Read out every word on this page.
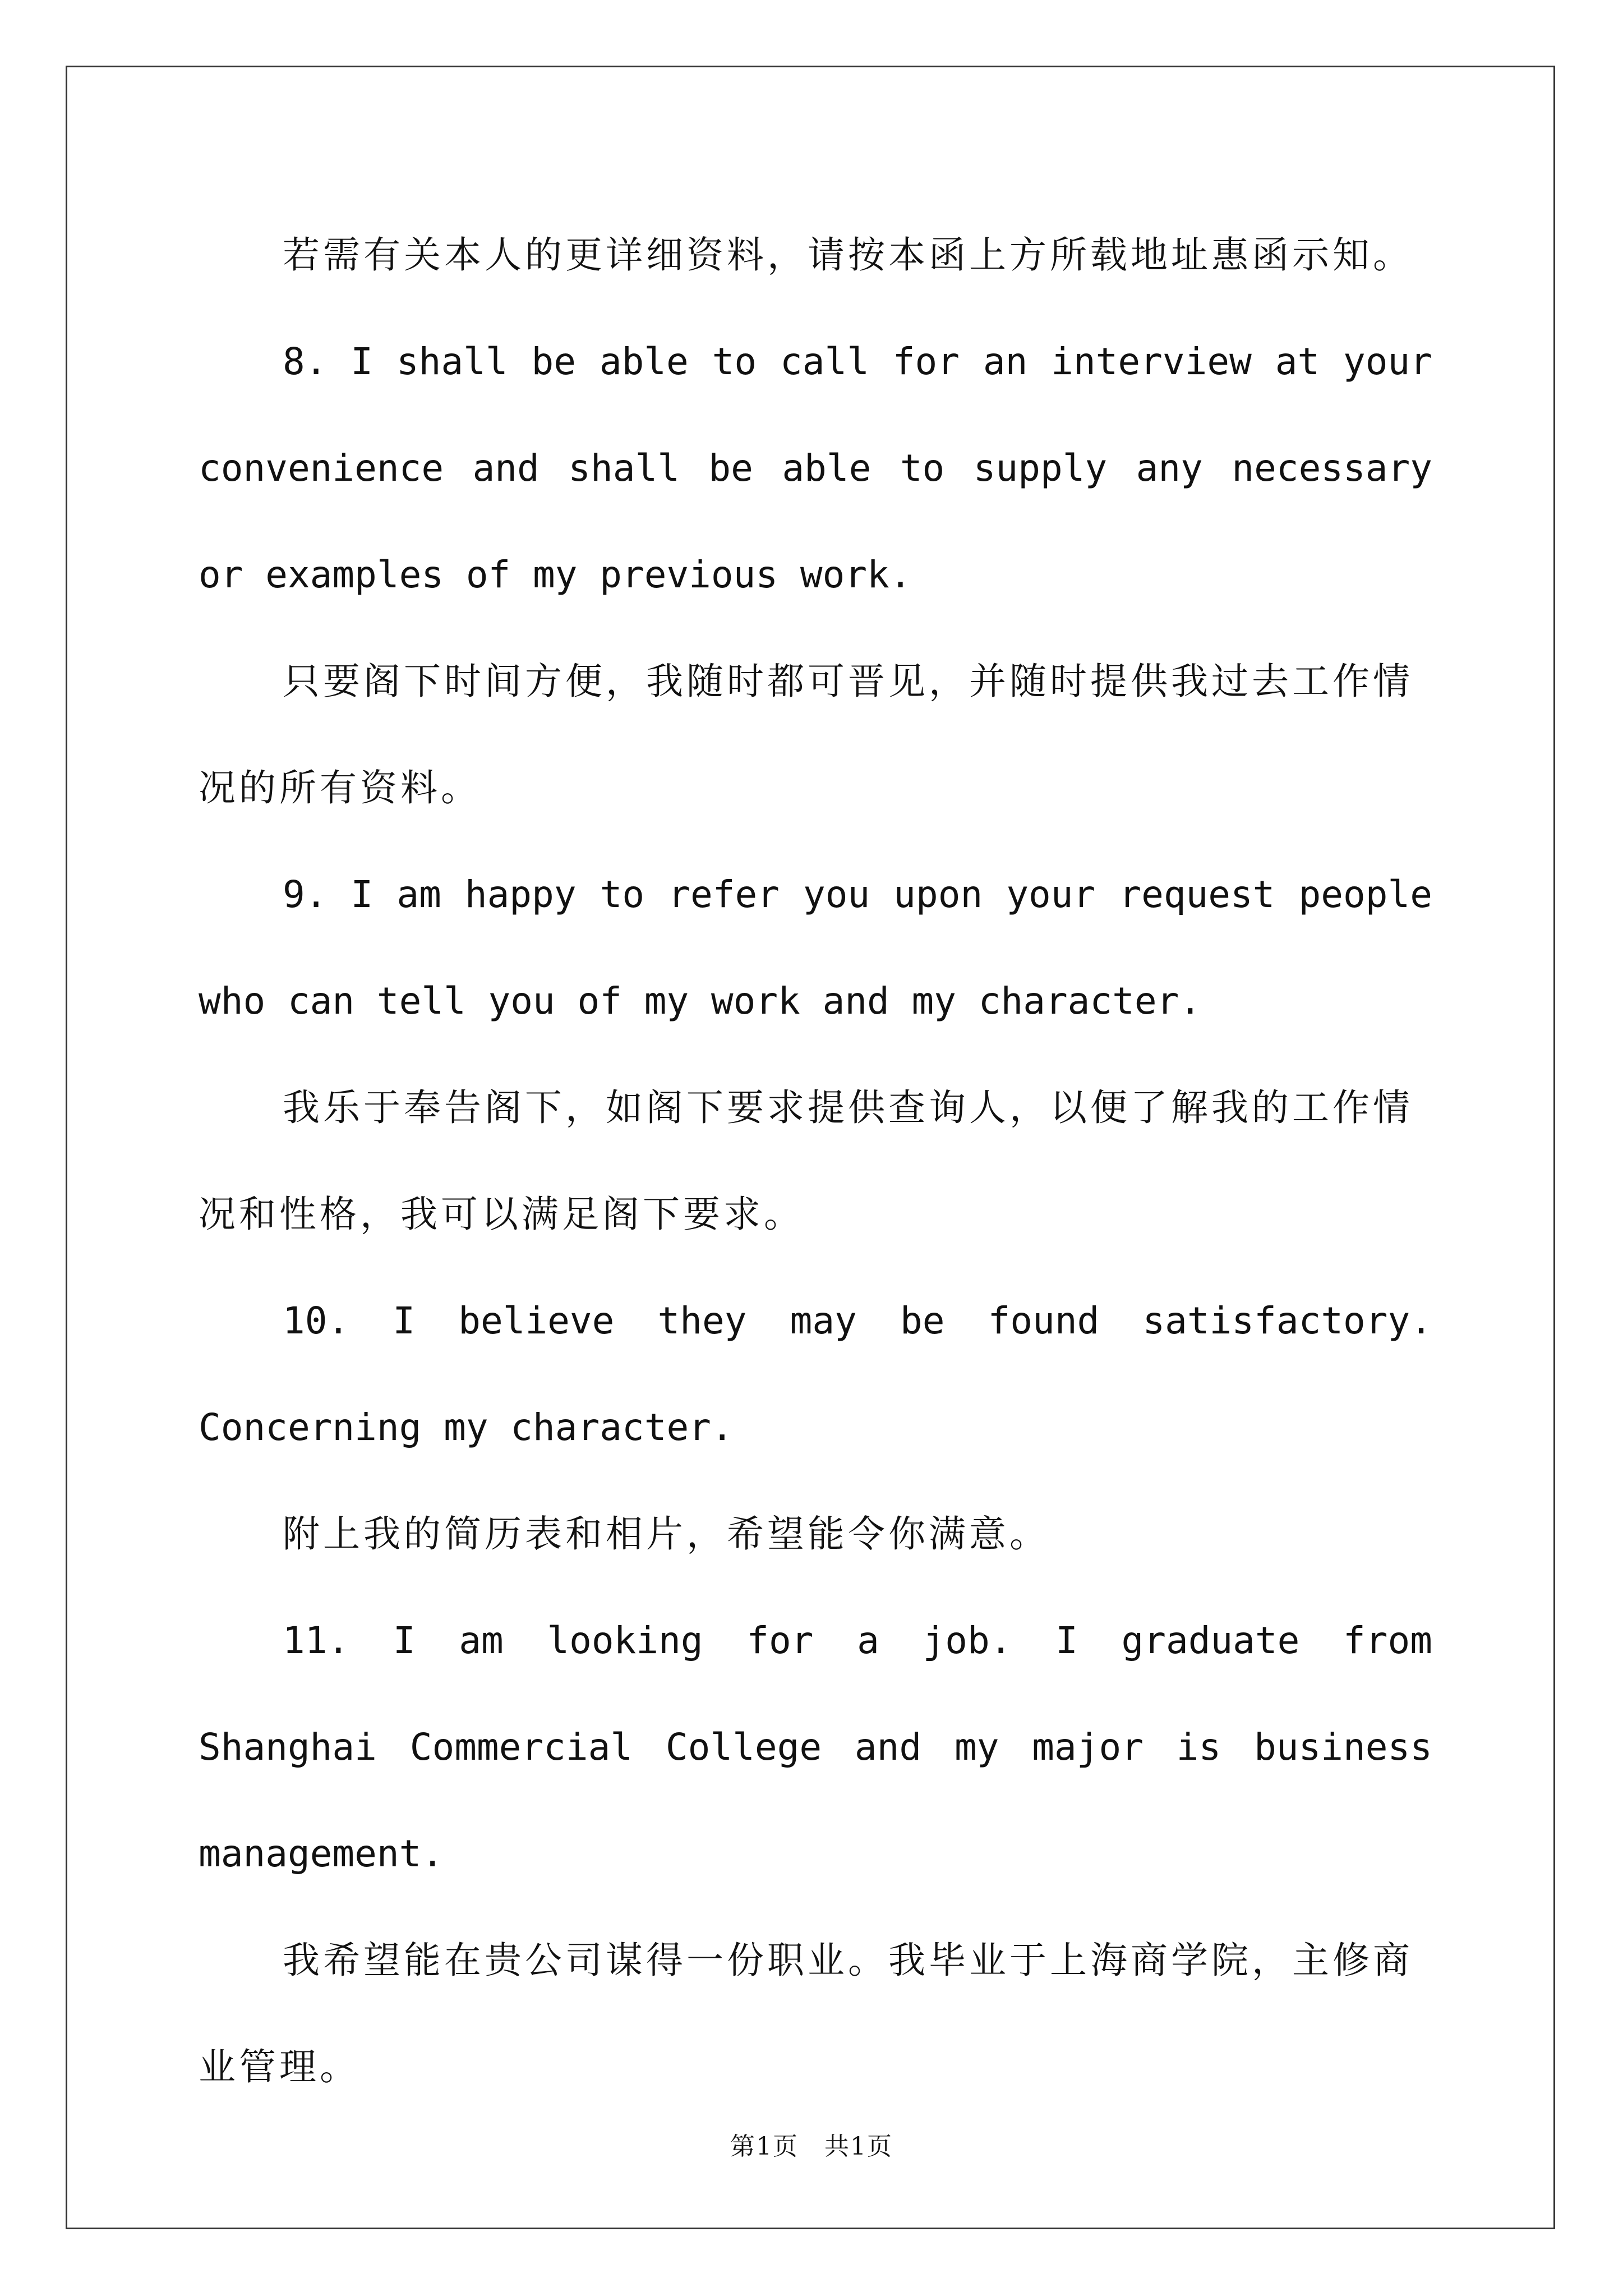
若需有关本人的更详细资料，请按本函上方所载地址惠函示知。

8. I shall be able to call for an interview at your convenience and shall be able to supply any necessary or examples of my previous work.

只要阁下时间方便，我随时都可晋见，并随时提供我过去工作情况的所有资料。

9. I am happy to refer you upon your request people who can tell you of my work and my character.

我乐于奉告阁下，如阁下要求提供查询人，以便了解我的工作情况和性格，我可以满足阁下要求。

10. I believe they may be found satisfactory. Concerning my character.

附上我的简历表和相片，希望能令你满意。

11. I am looking for a job. I graduate from Shanghai Commercial College and my major is business management.

我希望能在贵公司谋得一份职业。我毕业于上海商学院，主修商业管理。

第1页　共1页
